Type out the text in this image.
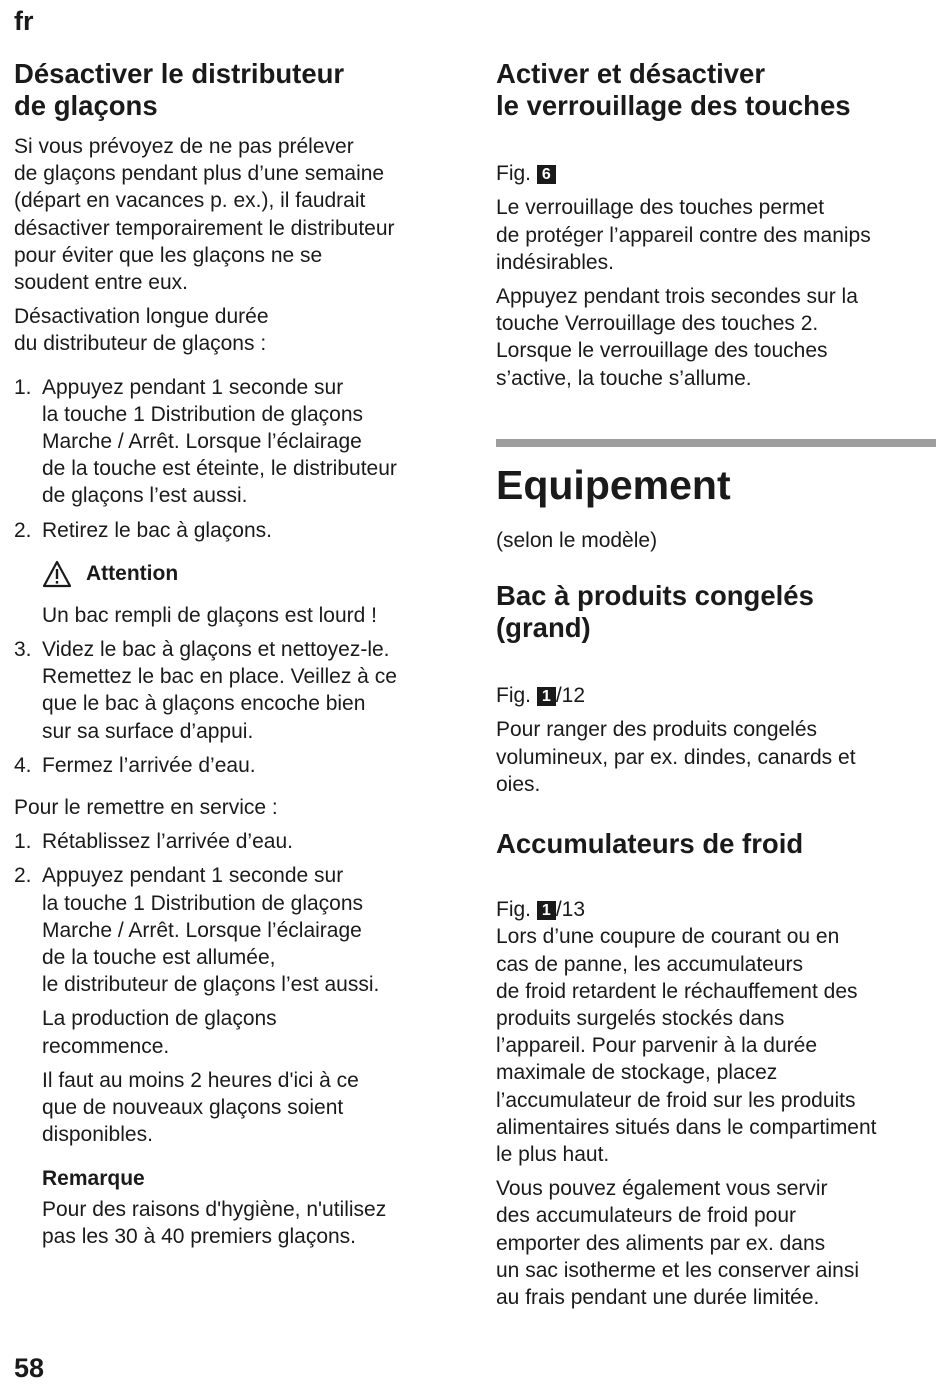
fr
Désactiver le distributeur
de glaçons

Si vous prévoyez de ne pas prélever
de glaçons pendant plus d’une semaine
(départ en vacances p. ex.), il faudrait
désactiver temporairement le distributeur
pour éviter que les glaçons ne se
soudent entre eux.

Désactivation longue durée
du distributeur de glaçons :

1. Appuyez pendant 1 seconde sur
la touche 1 Distribution de glaçons
Marche / Arrêt. Lorsque l’éclairage
de la touche est éteinte, le distributeur
de glaçons l’est aussi.

2. Retirez le bac à glaçons.

Attention

Un bac rempli de glaçons est lourd !

3. Videz le bac à glaçons et nettoyez-le.
Remettez le bac en place. Veillez à ce
que le bac à glaçons encoche bien
sur sa surface d’appui.

4. Fermez l’arrivée d’eau.

Pour le remettre en service :

1. Rétablissez l’arrivée d’eau.

2. Appuyez pendant 1 seconde sur
la touche 1 Distribution de glaçons
Marche / Arrêt. Lorsque l’éclairage
de la touche est allumée,
le distributeur de glaçons l’est aussi.

La production de glaçons
recommence.

Il faut au moins 2 heures d'ici à ce
que de nouveaux glaçons soient
disponibles.

Remarque

Pour des raisons d'hygiène, n'utilisez
pas les 30 à 40 premiers glaçons.

Activer et désactiver
le verrouillage des touches

Fig. 6

Le verrouillage des touches permet
de protéger l’appareil contre des manips
indésirables.

Appuyez pendant trois secondes sur la
touche Verrouillage des touches 2.
Lorsque le verrouillage des touches
s’active, la touche s’allume.

Equipement

(selon le modèle)

Bac à produits congelés
(grand)

Fig. 1 /12

Pour ranger des produits congelés
volumineux, par ex. dindes, canards et
oies.

Accumulateurs de froid

Fig. 1 /13

Lors d’une coupure de courant ou en
cas de panne, les accumulateurs
de froid retardent le réchauffement des
produits surgelés stockés dans
l’appareil. Pour parvenir à la durée
maximale de stockage, placez
l’accumulateur de froid sur les produits
alimentaires situés dans le compartiment
le plus haut.

Vous pouvez également vous servir
des accumulateurs de froid pour
emporter des aliments par ex. dans
un sac isotherme et les conserver ainsi
au frais pendant une durée limitée.

58
